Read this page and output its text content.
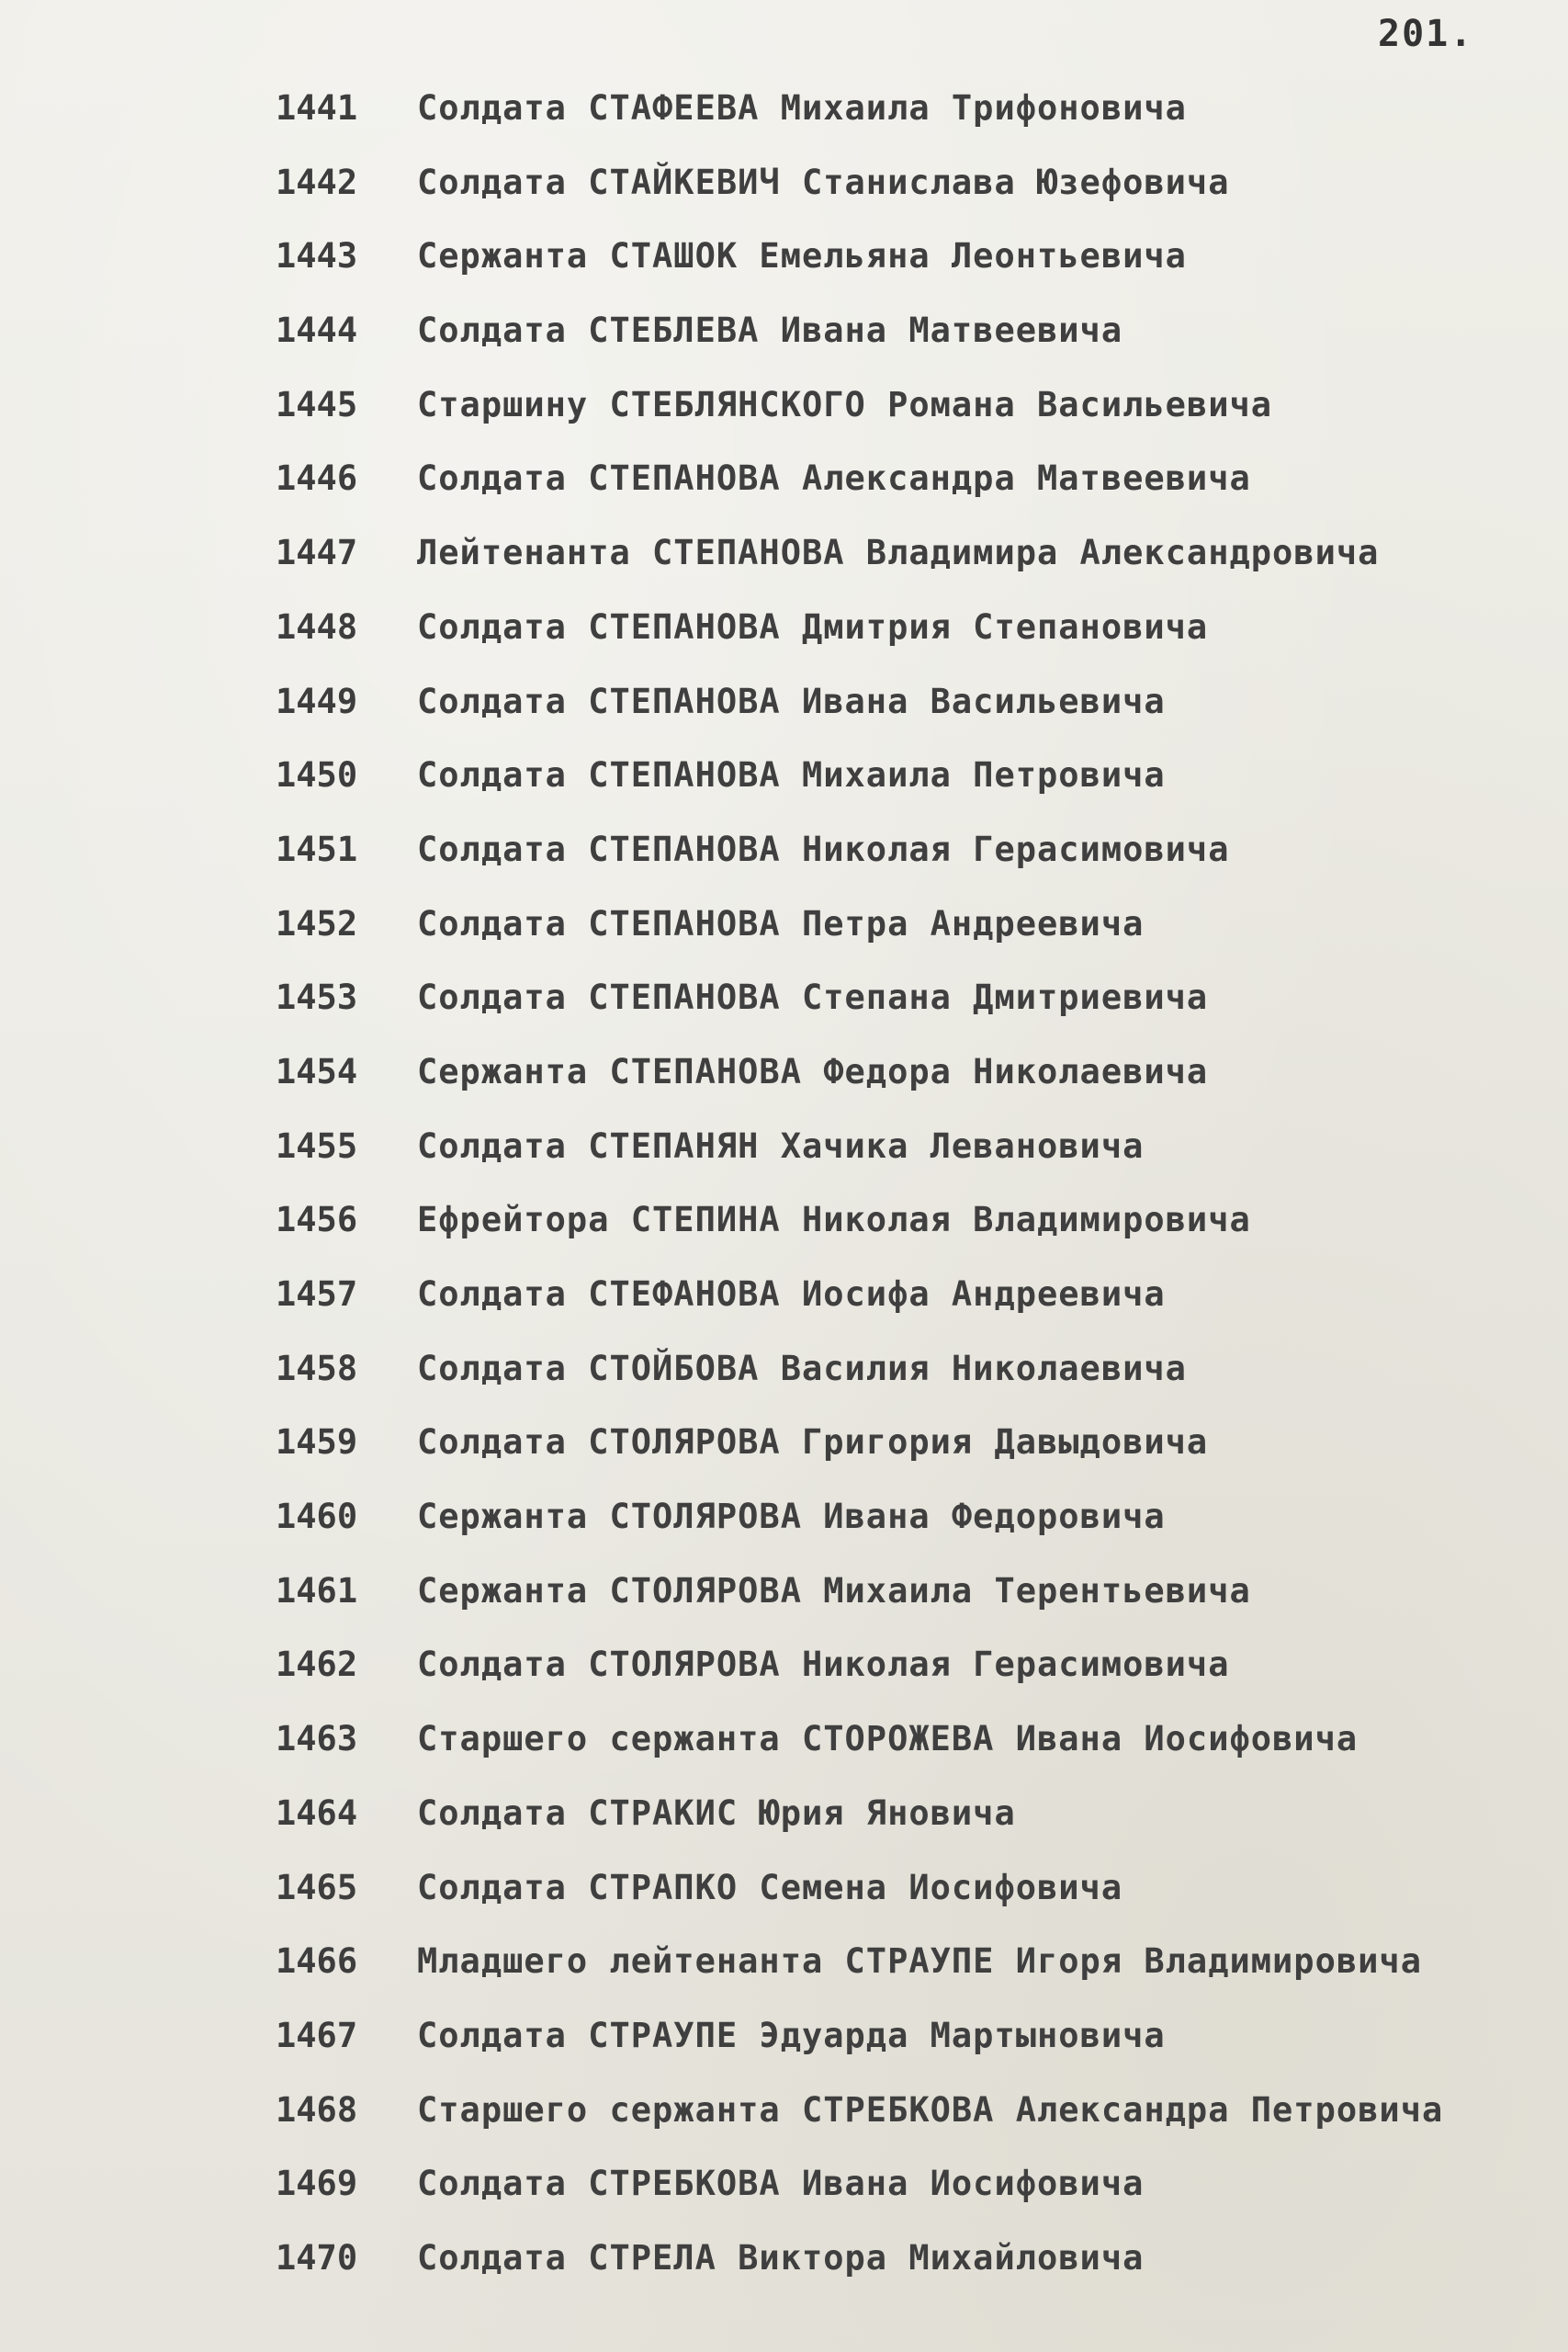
201.
1441 Солдата СТАФЕЕВА Михаила Трифоновича
1442 Солдата СТАЙКЕВИЧ Станислава Юзефовича
1443 Сержанта СТАШОК Емельяна Леонтьевича
1444 Солдата СТЕБЛЕВА Ивана Матвеевича
1445 Старшину СТЕБЛЯНСКОГО Романа Васильевича
1446 Солдата СТЕПАНОВА Александра Матвеевича
1447 Лейтенанта СТЕПАНОВА Владимира Александровича
1448 Солдата СТЕПАНОВА Дмитрия Степановича
1449 Солдата СТЕПАНОВА Ивана Васильевича
1450 Солдата СТЕПАНОВА Михаила Петровича
1451 Солдата СТЕПАНОВА Николая Герасимовича
1452 Солдата СТЕПАНОВА Петра Андреевича
1453 Солдата СТЕПАНОВА Степана Дмитриевича
1454 Сержанта СТЕПАНОВА Федора Николаевича
1455 Солдата СТЕПАНЯН Хачика Левановича
1456 Ефрейтора СТЕПИНА Николая Владимировича
1457 Солдата СТЕФАНОВА Иосифа Андреевича
1458 Солдата СТОЙБОВА Василия Николаевича
1459 Солдата СТОЛЯРОВА Григория Давыдовича
1460 Сержанта СТОЛЯРОВА Ивана Федоровича
1461 Сержанта СТОЛЯРОВА Михаила Терентьевича
1462 Солдата СТОЛЯРОВА Николая Герасимовича
1463 Старшего сержанта СТОРОЖЕВА Ивана Иосифовича
1464 Солдата СТРАКИС Юрия Яновича
1465 Солдата СТРАПКО Семена Иосифовича
1466 Младшего лейтенанта СТРАУПЕ Игоря Владимировича
1467 Солдата СТРАУПЕ Эдуарда Мартыновича
1468 Старшего сержанта СТРЕБКОВА Александра Петровича
1469 Солдата СТРЕБКОВА Ивана Иосифовича
1470 Солдата СТРЕЛА Виктора Михайловича
